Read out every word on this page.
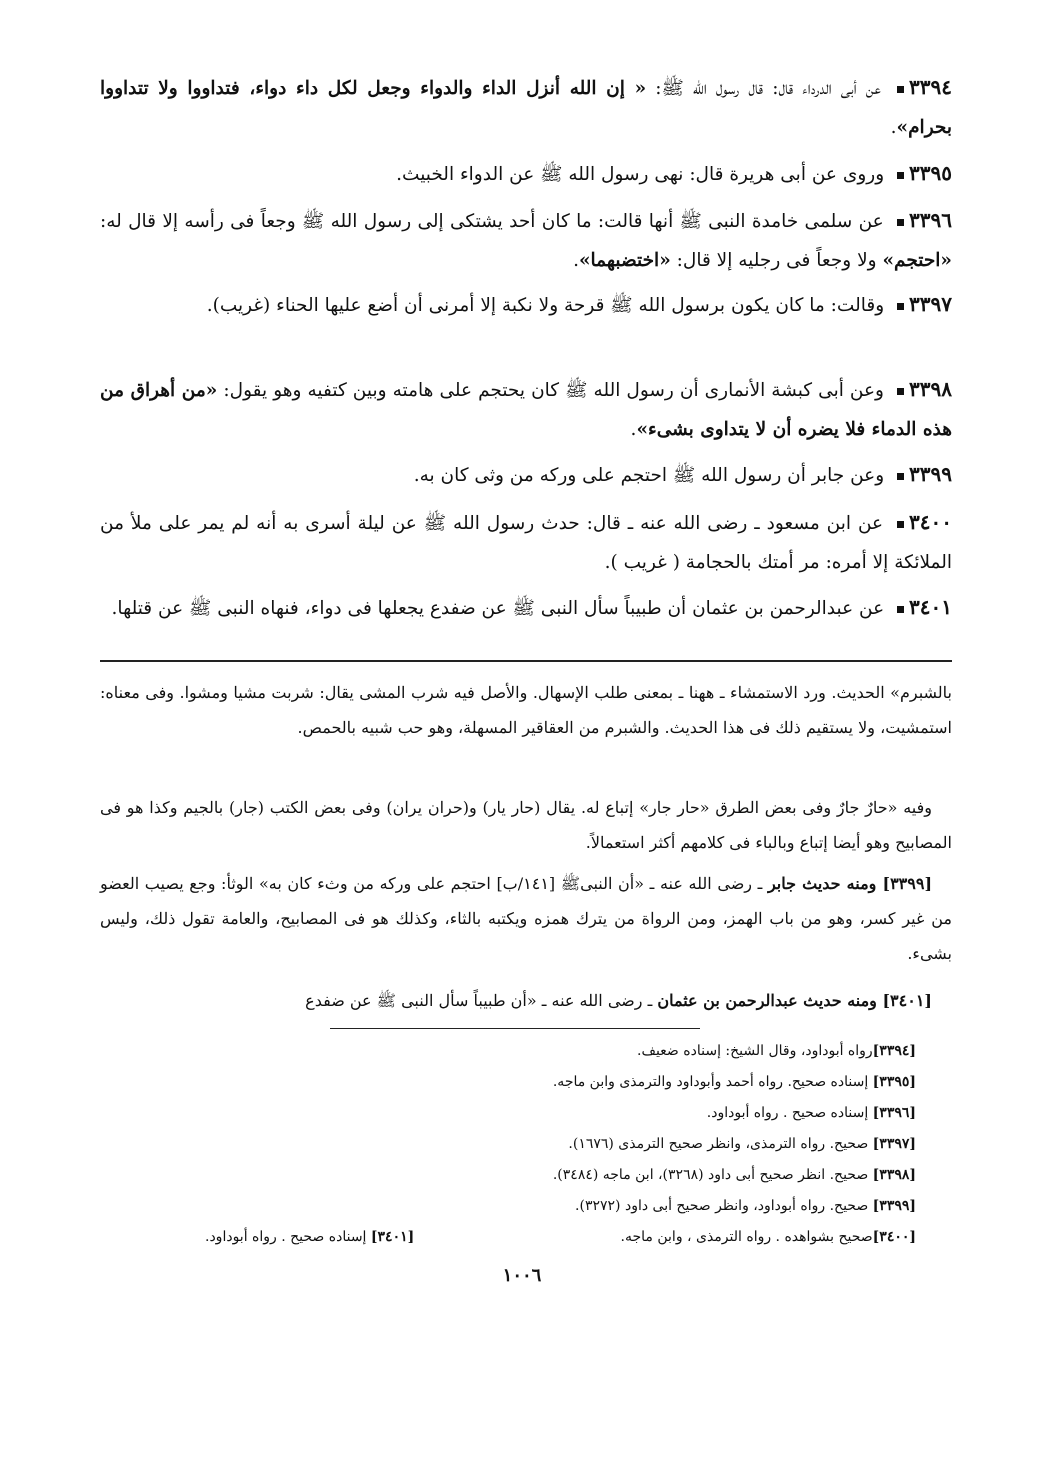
٣٣٩٤ عن أبى الدرداء قال: قال رسول الله ﷺ: « إن الله أنزل الداء والدواء وجعل لكل داء دواء، فتداووا ولا تتداووا بحرام».
٣٣٩٥ وروى عن أبى هريرة قال: نهى رسول الله ﷺ عن الدواء الخبيث.
٣٣٩٦ عن سلمى خامدة النبى ﷺ أنها قالت: ما كان أحد يشتكى إلى رسول الله ﷺ وجعاً فى رأسه إلا قال له: «احتجم» ولا وجعاً فى رجليه إلا قال: «اختضبهما».
٣٣٩٧ وقالت: ما كان يكون برسول الله ﷺ قرحة ولا نكبة إلا أمرنى أن أضع عليها الحناء (غريب).
٣٣٩٨ وعن أبى كبشة الأنمارى أن رسول الله ﷺ كان يحتجم على هامته وبين كتفيه وهو يقول: «من أهراق من هذه الدماء فلا يضره أن لا يتداوى بشىء».
٣٣٩٩ وعن جابر أن رسول الله ﷺ احتجم على وركه من وثى كان به.
٣٤٠٠ عن ابن مسعود ـ رضى الله عنه ـ قال: حدث رسول الله ﷺ عن ليلة أسرى به أنه لم يمر على ملأ من الملائكة إلا أمره: مر أمتك بالحجامة ( غريب ).
٣٤٠١ عن عبدالرحمن بن عثمان أن طبيباً سأل النبى ﷺ عن ضفدع يجعلها فى دواء، فنهاه النبى ﷺ عن قتلها.
بالشبرم» الحديث. ورد الاستمشاء ـ ههنا ـ بمعنى طلب الإسهال. والأصل فيه شرب المشى يقال: شربت مشيا ومشوا. وفى معناه: استمشيت، ولا يستقيم ذلك فى هذا الحديث. والشبرم من العقاقير المسهلة، وهو حب شبيه بالحمص.
وفيه «حارٌ جارٌ وفى بعض الطرق «حار جار» إتباع له. يقال (حار يار) و(حران يران) وفى بعض الكتب (جار) بالجيم وكذا هو فى المصابيح وهو أيضا إتباع وبالباء فى كلامهم أكثر استعمالاً.
[٣٣٩٩] ومنه حديث جابر ـ رضى الله عنه ـ «أن النبىﷺ [١٤١/ب] احتجم على وركه من وثء كان به» الوثأ: وجع يصيب العضو من غير كسر، وهو من باب الهمز، ومن الرواة من يترك همزه ويكتبه بالثاء، وكذلك هو فى المصابيح، والعامة تقول ذلك، وليس بشىء.
[٣٤٠١] ومنه حديث عبدالرحمن بن عثمان ـ رضى الله عنه ـ «أن طبيباً سأل النبى ﷺ عن ضفدع
[٣٣٩٤]رواه أبوداود، وقال الشيخ: إسناده ضعيف.
[٣٣٩٥] إسناده صحيح. رواه أحمد وأبوداود والترمذى وابن ماجه.
[٣٣٩٦] إسناده صحيح . رواه أبوداود.
[٣٣٩٧] صحيح. رواه الترمذى، وانظر صحيح الترمذى (١٦٧٦).
[٣٣٩٨] صحيح. انظر صحيح أبى داود (٣٢٦٨)، ابن ماجه (٣٤٨٤).
[٣٣٩٩] صحيح. رواه أبوداود، وانظر صحيح أبى داود (٣٢٧٢).
[٣٤٠٠]صحيح بشواهده . رواه الترمذى ، وابن ماجه.
[٣٤٠١] إسناده صحيح . رواه أبوداود.
١٠٠٦
